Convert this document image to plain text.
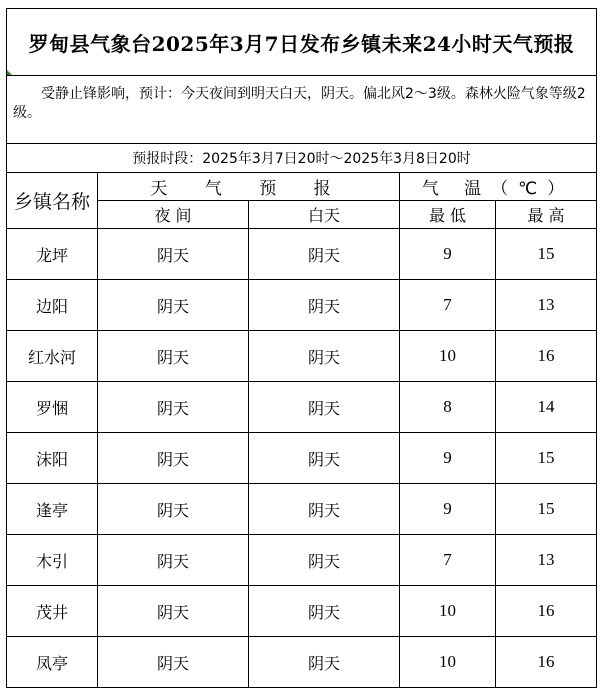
罗甸县气象台2025年3月7日发布乡镇未来24小时天气预报				

受静止锋影响，预计：今天夜间到明天白天，阴天。偏北风2～3级。森林火险气象等级2级。				
预报时段：2025年3月7日20时～2025年3月8日20时				
乡镇名称	天 气 预 报		气 温（℃）	
	夜 间	白天	最 低	最 高
龙坪	阴天	阴天	9	15
边阳	阴天	阴天	7	13
红水河	阴天	阴天	10	16
罗悃	阴天	阴天	8	14
沫阳	阴天	阴天	9	15
逢亭	阴天	阴天	9	15
木引	阴天	阴天	7	13
茂井	阴天	阴天	10	16
凤亭	阴天	阴天	10	16
